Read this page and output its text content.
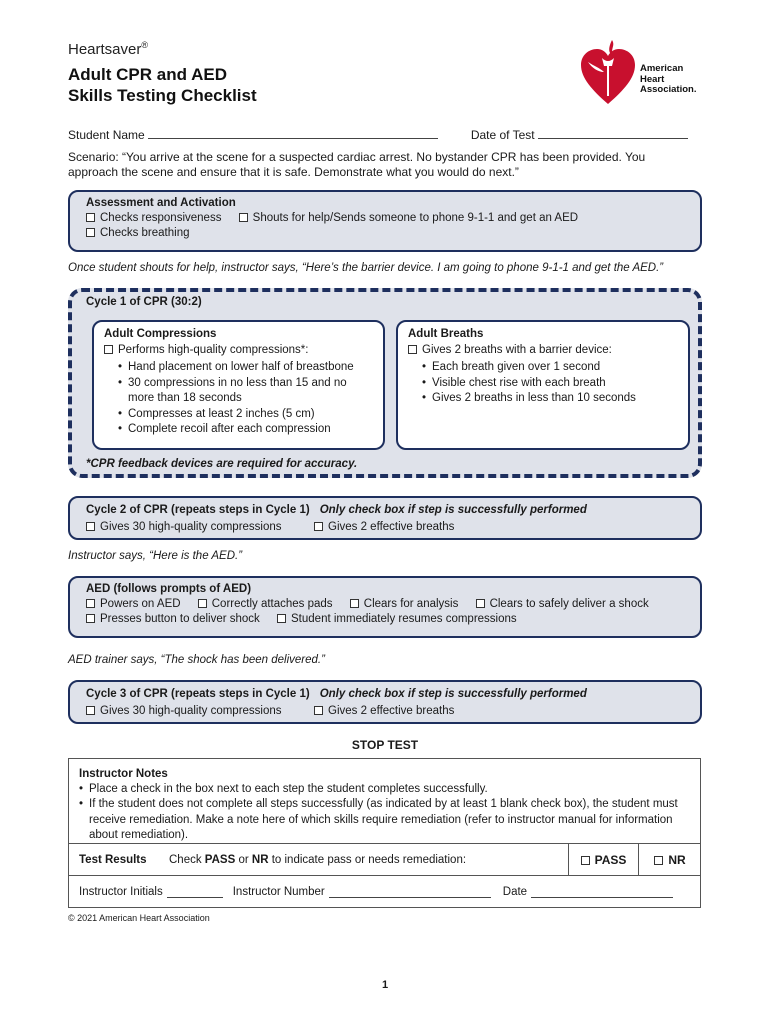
Heartsaver®
Adult CPR and AED
Skills Testing Checklist
American
Heart
Association.
Student Name	Date of Test
Scenario: “You arrive at the scene for a suspected cardiac arrest. No bystander CPR has been provided. You approach the scene and ensure that it is safe. Demonstrate what you would do next.”
Assessment and Activation
Checks responsiveness	Shouts for help/Sends someone to phone 9-1-1 and get an AED
Checks breathing
Once student shouts for help, instructor says, “Here’s the barrier device. I am going to phone 9-1-1 and get the AED.”
Cycle 1 of CPR (30:2)
Adult Compressions
Performs high-quality compressions*:
• Hand placement on lower half of breastbone
• 30 compressions in no less than 15 and no more than 18 seconds
• Compresses at least 2 inches (5 cm)
• Complete recoil after each compression
Adult Breaths
Gives 2 breaths with a barrier device:
• Each breath given over 1 second
• Visible chest rise with each breath
• Gives 2 breaths in less than 10 seconds
*CPR feedback devices are required for accuracy.
Cycle 2 of CPR (repeats steps in Cycle 1) Only check box if step is successfully performed
Gives 30 high-quality compressions	Gives 2 effective breaths
Instructor says, “Here is the AED.”
AED (follows prompts of AED)
Powers on AED	Correctly attaches pads	Clears for analysis	Clears to safely deliver a shock
Presses button to deliver shock	Student immediately resumes compressions
AED trainer says, “The shock has been delivered.”
Cycle 3 of CPR (repeats steps in Cycle 1) Only check box if step is successfully performed
Gives 30 high-quality compressions	Gives 2 effective breaths
STOP TEST
Instructor Notes
• Place a check in the box next to each step the student completes successfully.
• If the student does not complete all steps successfully (as indicated by at least 1 blank check box), the student must receive remediation. Make a note here of which skills require remediation (refer to instructor manual for information about remediation).
Test Results Check PASS or NR to indicate pass or needs remediation:	PASS	NR
Instructor Initials	Instructor Number	Date
© 2021 American Heart Association
1
